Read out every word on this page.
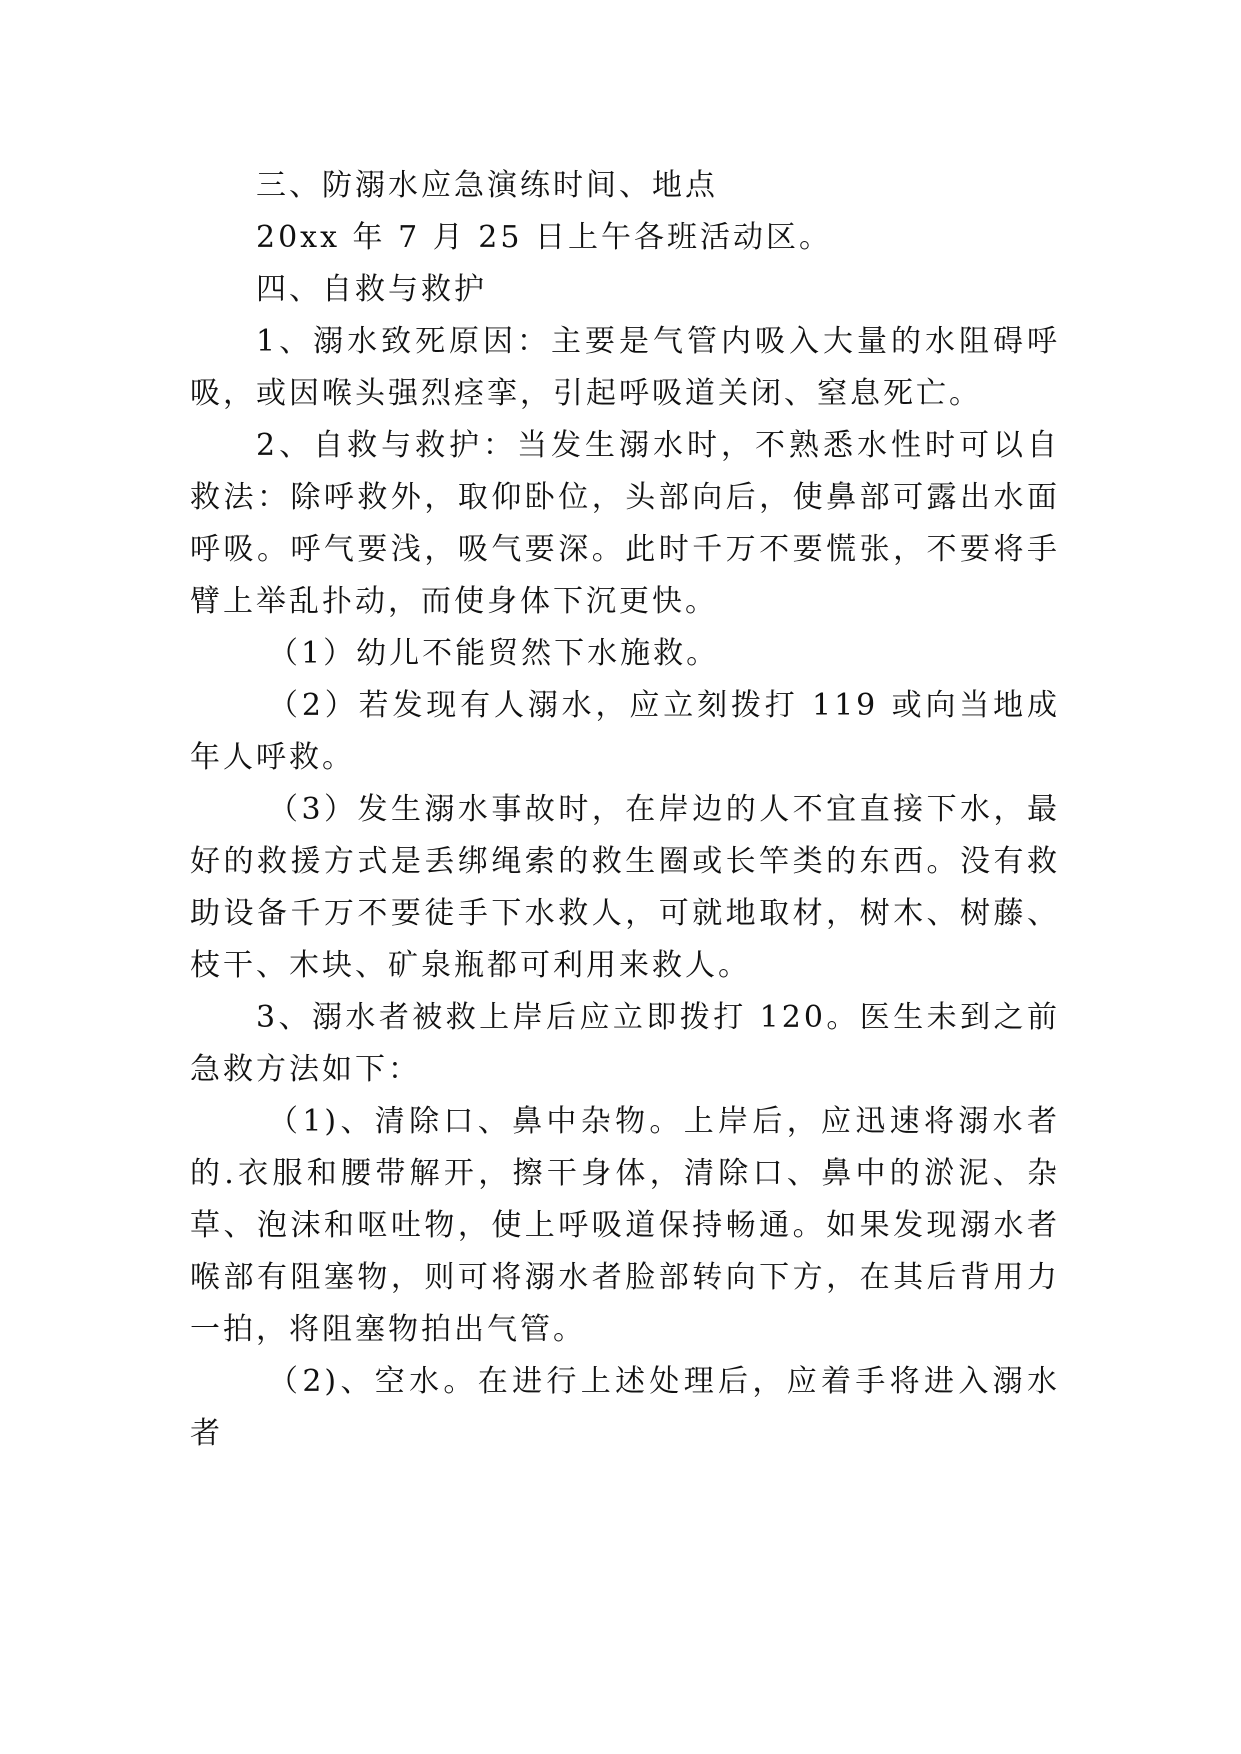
三、防溺水应急演练时间、地点

20xx 年 7 月 25 日上午各班活动区。

四、自救与救护

1、溺水致死原因：主要是气管内吸入大量的水阻碍呼吸，或因喉头强烈痉挛，引起呼吸道关闭、窒息死亡。

2、自救与救护：当发生溺水时，不熟悉水性时可以自救法：除呼救外，取仰卧位，头部向后，使鼻部可露出水面呼吸。呼气要浅，吸气要深。此时千万不要慌张，不要将手臂上举乱扑动，而使身体下沉更快。

（1）幼儿不能贸然下水施救。

（2）若发现有人溺水，应立刻拨打 119 或向当地成年人呼救。

（3）发生溺水事故时，在岸边的人不宜直接下水，最好的救援方式是丢绑绳索的救生圈或长竿类的东西。没有救助设备千万不要徒手下水救人，可就地取材，树木、树藤、枝干、木块、矿泉瓶都可利用来救人。

3、溺水者被救上岸后应立即拨打 120。医生未到之前急救方法如下：

（1)、清除口、鼻中杂物。上岸后，应迅速将溺水者的.衣服和腰带解开，擦干身体，清除口、鼻中的淤泥、杂草、泡沫和呕吐物，使上呼吸道保持畅通。如果发现溺水者喉部有阻塞物，则可将溺水者脸部转向下方，在其后背用力一拍，将阻塞物拍出气管。

（2)、空水。在进行上述处理后，应着手将进入溺水者
